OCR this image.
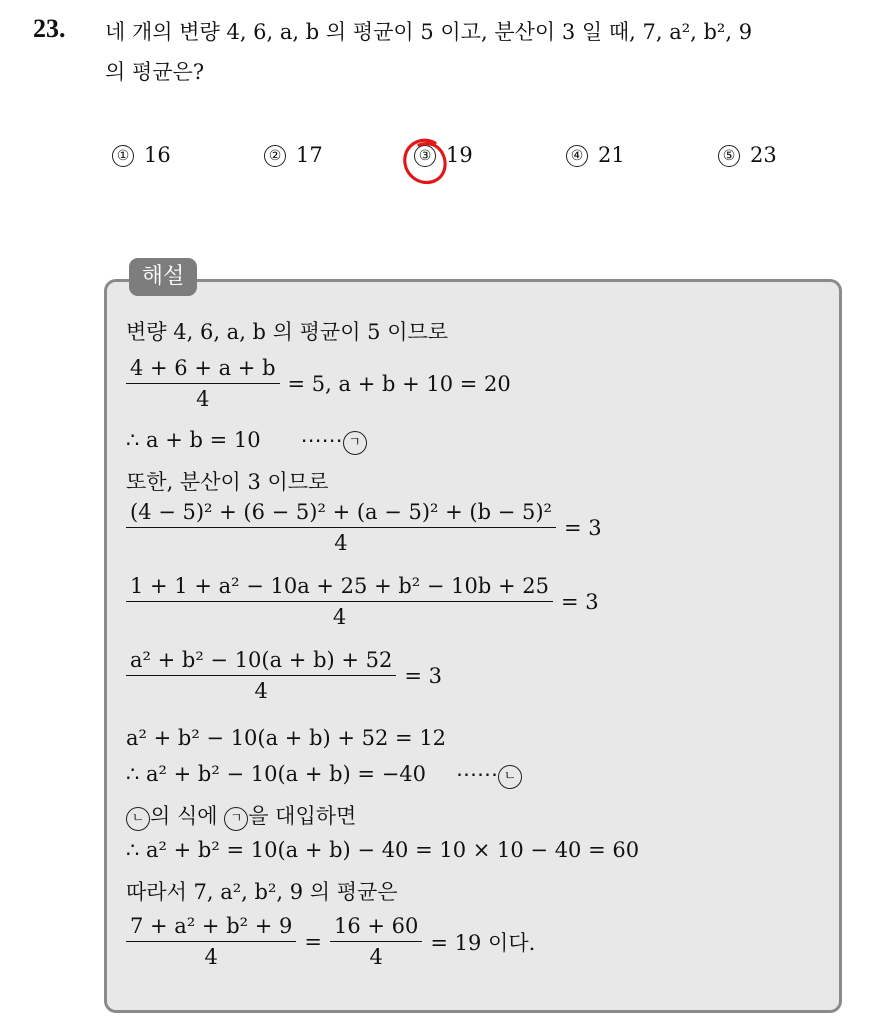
23. 네 개의 변량 4, 6, a, b 의 평균이 5 이고, 분산이 3 일 때, 7, a², b², 9
의 평균은?
① 16	② 17	③ 19	④ 21	⑤ 23
해설
변량 4, 6, a, b 의 평균이 5 이므로
$\frac{4 + 6 + a + b}{4} = 5$, a + b + 10 = 20
∴ a + b = 10 ⋯⋯ ㄱ
또한, 분산이 3 이므로
$\frac{\text{(4 − 5)² + (6 − 5)² + (a − 5)² + (b − 5)²}}{4} = 3$
$\frac{\text{1 + 1 + a² − 10a + 25 + b² − 10b + 25}}{4} = 3$
$\frac{\text{a² + b² − 10(a + b) + 52}}{4} = 3$
a² + b² − 10(a + b) + 52 = 12
∴ a² + b² − 10(a + b) = −40 ⋯⋯ ㄴ
ㄴ 의 식에 ㄱ 을 대입하면
∴ a² + b² = 10(a + b) − 40 = 10 × 10 − 40 = 60
따라서 7, a², b², 9 의 평균은
$\frac{\text{7 + a² + b² + 9}}{4} = \frac{16 + 60}{4} = 19$ 이다.
